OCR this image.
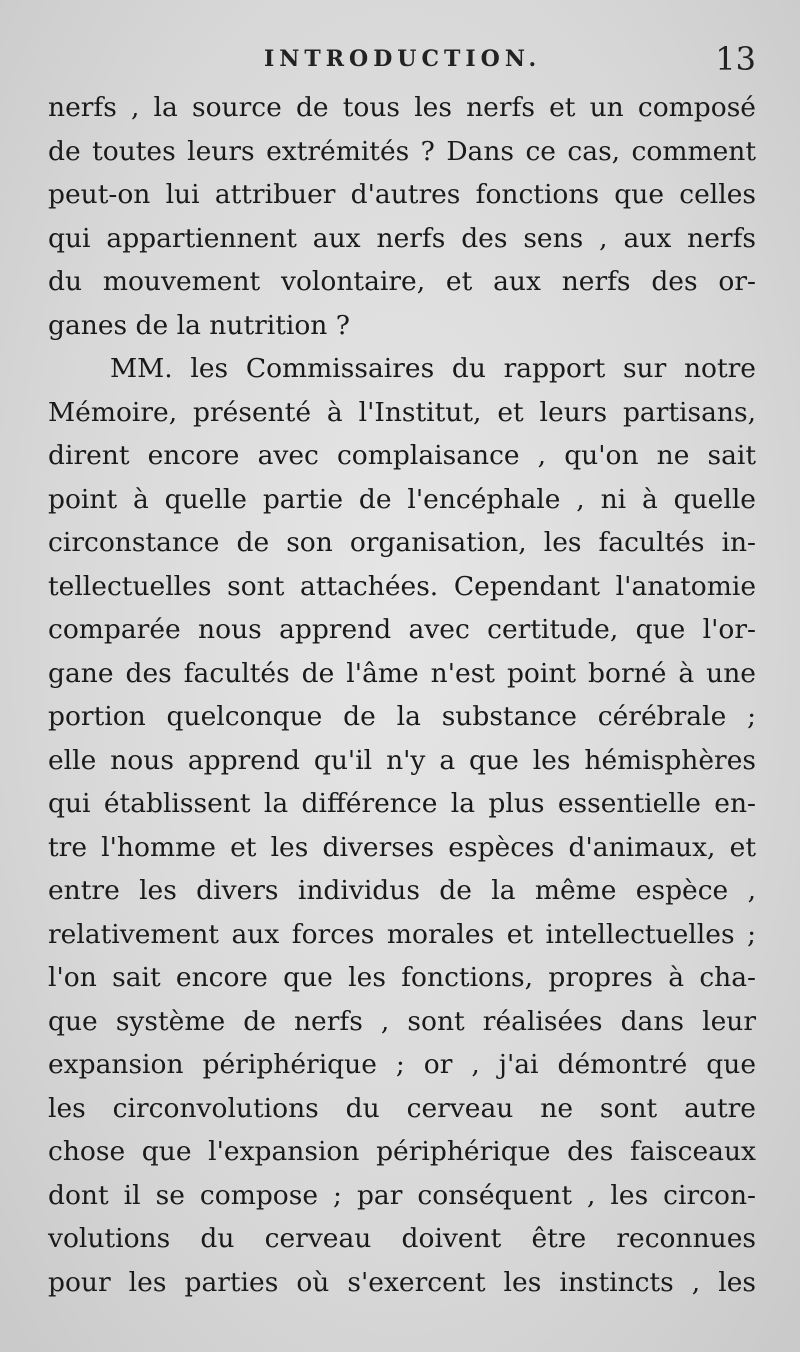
INTRODUCTION.	13
nerfs , la source de tous les nerfs et un composé
de toutes leurs extrémités ? Dans ce cas, comment
peut-on lui attribuer d'autres fonctions que celles
qui appartiennent aux nerfs des sens , aux nerfs
du mouvement volontaire, et aux nerfs des or-
ganes de la nutrition ?
MM. les Commissaires du rapport sur notre
Mémoire, présenté à l'Institut, et leurs partisans,
dirent encore avec complaisance , qu'on ne sait
point à quelle partie de l'encéphale , ni à quelle
circonstance de son organisation, les facultés in-
tellectuelles sont attachées. Cependant l'anatomie
comparée nous apprend avec certitude, que l'or-
gane des facultés de l'âme n'est point borné à une
portion quelconque de la substance cérébrale ;
elle nous apprend qu'il n'y a que les hémisphères
qui établissent la différence la plus essentielle en-
tre l'homme et les diverses espèces d'animaux, et
entre les divers individus de la même espèce ,
relativement aux forces morales et intellectuelles ;
l'on sait encore que les fonctions, propres à cha-
que système de nerfs , sont réalisées dans leur
expansion périphérique ; or , j'ai démontré que
les circonvolutions du cerveau ne sont autre
chose que l'expansion périphérique des faisceaux
dont il se compose ; par conséquent , les circon-
volutions du cerveau doivent être reconnues
pour les parties où s'exercent les instincts , les
